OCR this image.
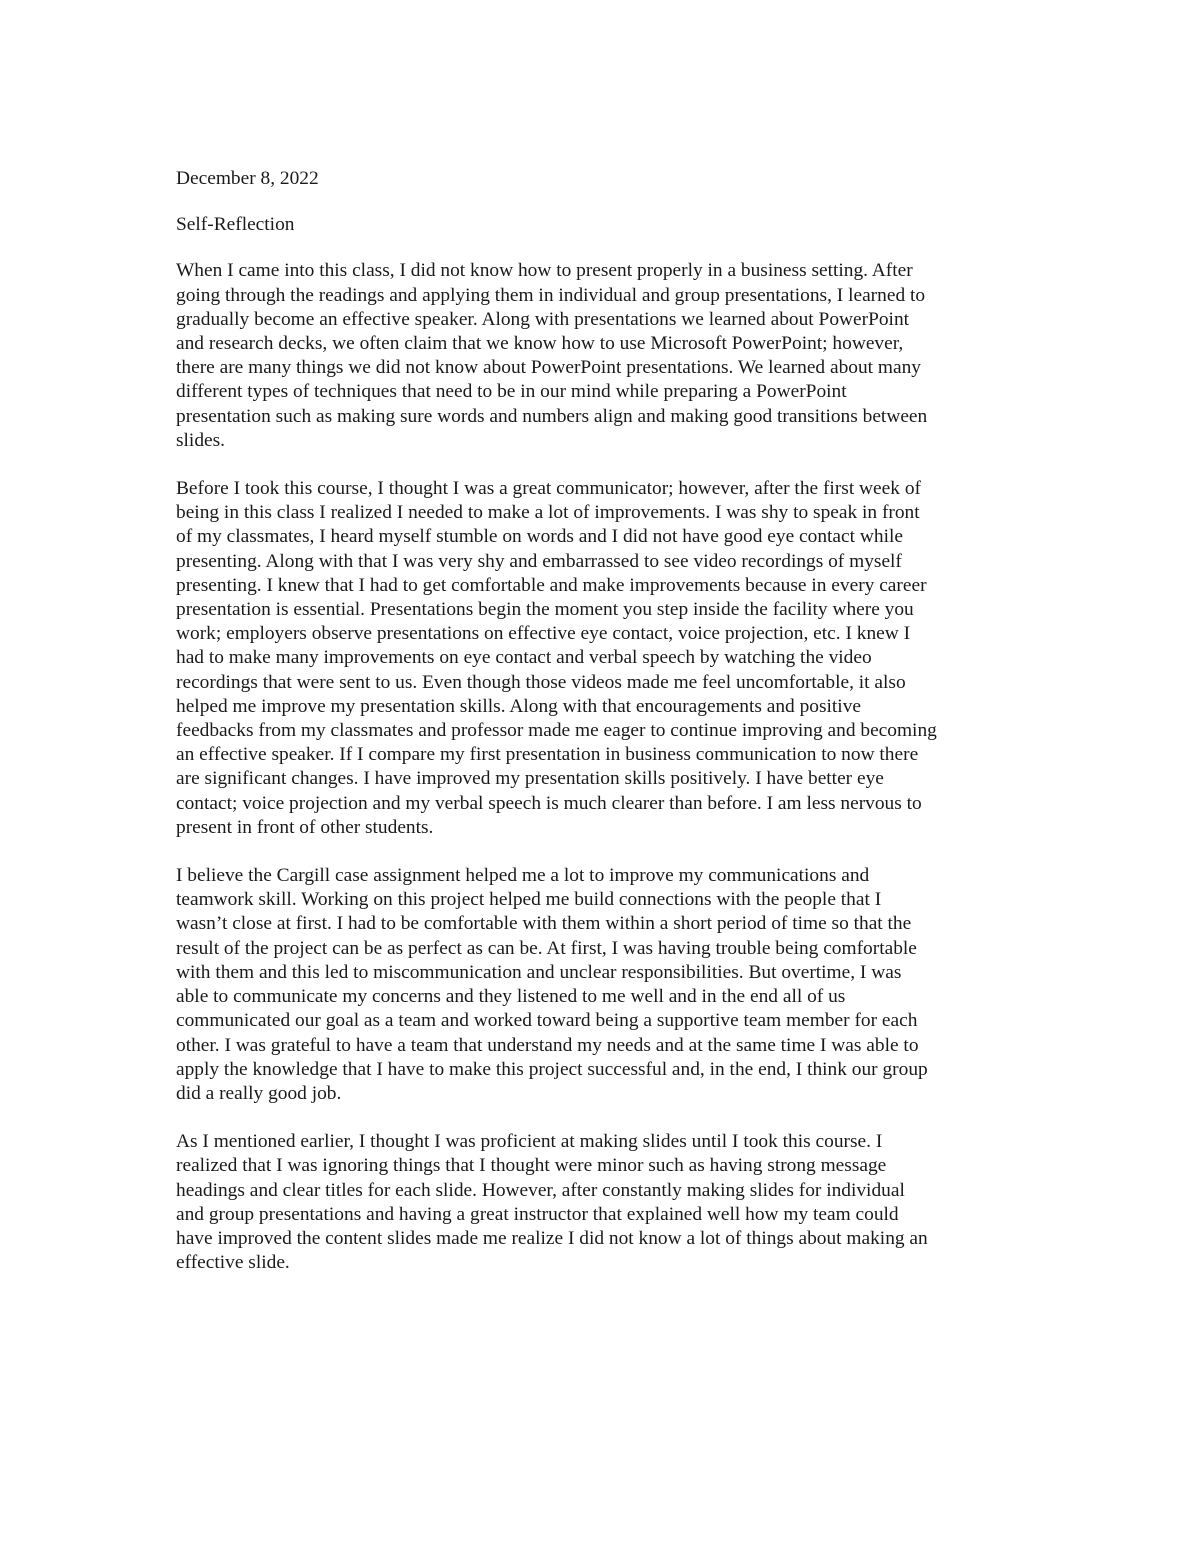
December 8, 2022
Self-Reflection
When I came into this class, I did not know how to present properly in a business setting. After
going through the readings and applying them in individual and group presentations, I learned to
gradually become an effective speaker. Along with presentations we learned about PowerPoint
and research decks, we often claim that we know how to use Microsoft PowerPoint; however,
there are many things we did not know about PowerPoint presentations. We learned about many
different types of techniques that need to be in our mind while preparing a PowerPoint
presentation such as making sure words and numbers align and making good transitions between
slides.
Before I took this course, I thought I was a great communicator; however, after the first week of
being in this class I realized I needed to make a lot of improvements. I was shy to speak in front
of my classmates, I heard myself stumble on words and I did not have good eye contact while
presenting. Along with that I was very shy and embarrassed to see video recordings of myself
presenting. I knew that I had to get comfortable and make improvements because in every career
presentation is essential. Presentations begin the moment you step inside the facility where you
work; employers observe presentations on effective eye contact, voice projection, etc. I knew I
had to make many improvements on eye contact and verbal speech by watching the video
recordings that were sent to us. Even though those videos made me feel uncomfortable, it also
helped me improve my presentation skills. Along with that encouragements and positive
feedbacks from my classmates and professor made me eager to continue improving and becoming
an effective speaker. If I compare my first presentation in business communication to now there
are significant changes. I have improved my presentation skills positively. I have better eye
contact; voice projection and my verbal speech is much clearer than before. I am less nervous to
present in front of other students.
I believe the Cargill case assignment helped me a lot to improve my communications and
teamwork skill. Working on this project helped me build connections with the people that I
wasn’t close at first. I had to be comfortable with them within a short period of time so that the
result of the project can be as perfect as can be. At first, I was having trouble being comfortable
with them and this led to miscommunication and unclear responsibilities. But overtime, I was
able to communicate my concerns and they listened to me well and in the end all of us
communicated our goal as a team and worked toward being a supportive team member for each
other. I was grateful to have a team that understand my needs and at the same time I was able to
apply the knowledge that I have to make this project successful and, in the end, I think our group
did a really good job.
As I mentioned earlier, I thought I was proficient at making slides until I took this course. I
realized that I was ignoring things that I thought were minor such as having strong message
headings and clear titles for each slide. However, after constantly making slides for individual
and group presentations and having a great instructor that explained well how my team could
have improved the content slides made me realize I did not know a lot of things about making an
effective slide.
